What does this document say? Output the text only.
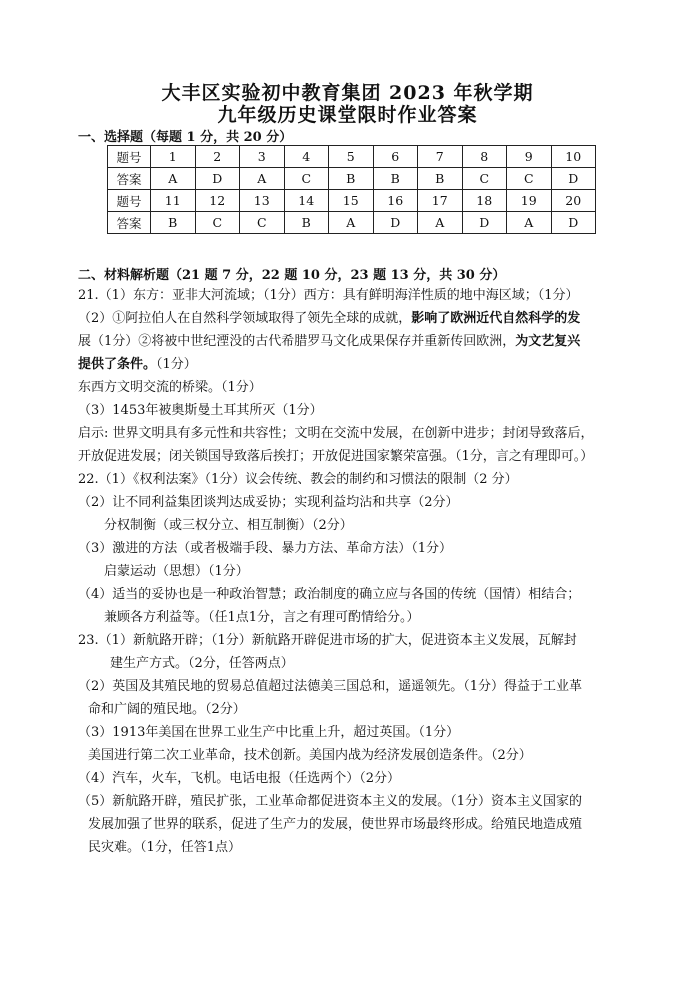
大丰区实验初中教育集团 2023 年秋学期
九年级历史课堂限时作业答案
一、选择题（每题 1 分，共 20 分）
题号	1	2	3	4	5	6	7	8	9	10
答案	A	D	A	C	B	B	B	C	C	D
题号	11	12	13	14	15	16	17	18	19	20
答案	B	C	C	B	A	D	A	D	A	D
二、材料解析题（21 题 7 分，22 题 10 分，23 题 13 分，共 30 分）
21.（1）东方：亚非大河流域；（1分）西方：具有鲜明海洋性质的地中海区域；（1分）
（2）①阿拉伯人在自然科学领域取得了领先全球的成就，影响了欧洲近代自然科学的发
展（1分）②将被中世纪湮没的古代希腊罗马文化成果保存并重新传回欧洲，为文艺复兴
提供了条件。（1分）
东西方文明交流的桥梁。（1分）
（3）1453年被奥斯曼土耳其所灭（1分）
启示: 世界文明具有多元性和共容性；文明在交流中发展，在创新中进步；封闭导致落后，
开放促进发展；闭关锁国导致落后挨打；开放促进国家繁荣富强。（1分，言之有理即可。）
22.（1）《权利法案》（1分）议会传统、教会的制约和习惯法的限制（2 分）
（2）让不同利益集团谈判达成妥协；实现利益均沾和共享（2分）
分权制衡（或三权分立、相互制衡）（2分）
（3）激进的方法（或者极端手段、暴力方法、革命方法）（1分）
启蒙运动（思想）（1分）
（4）适当的妥协也是一种政治智慧；政治制度的确立应与各国的传统（国情）相结合；
兼顾各方利益等。（任1点1分，言之有理可酌情给分。）
23.（1）新航路开辟；（1分）新航路开辟促进市场的扩大，促进资本主义发展，瓦解封
建生产方式。（2分，任答两点）
（2）英国及其殖民地的贸易总值超过法德美三国总和，遥遥领先。（1分）得益于工业革
命和广阔的殖民地。（2分）
（3）1913年美国在世界工业生产中比重上升，超过英国。（1分）
美国进行第二次工业革命，技术创新。美国内战为经济发展创造条件。（2分）
（4）汽车，火车，飞机。电话电报（任选两个）（2分）
（5）新航路开辟，殖民扩张，工业革命都促进资本主义的发展。（1分）资本主义国家的
发展加强了世界的联系，促进了生产力的发展，使世界市场最终形成。给殖民地造成殖
民灾难。（1分，任答1点）
